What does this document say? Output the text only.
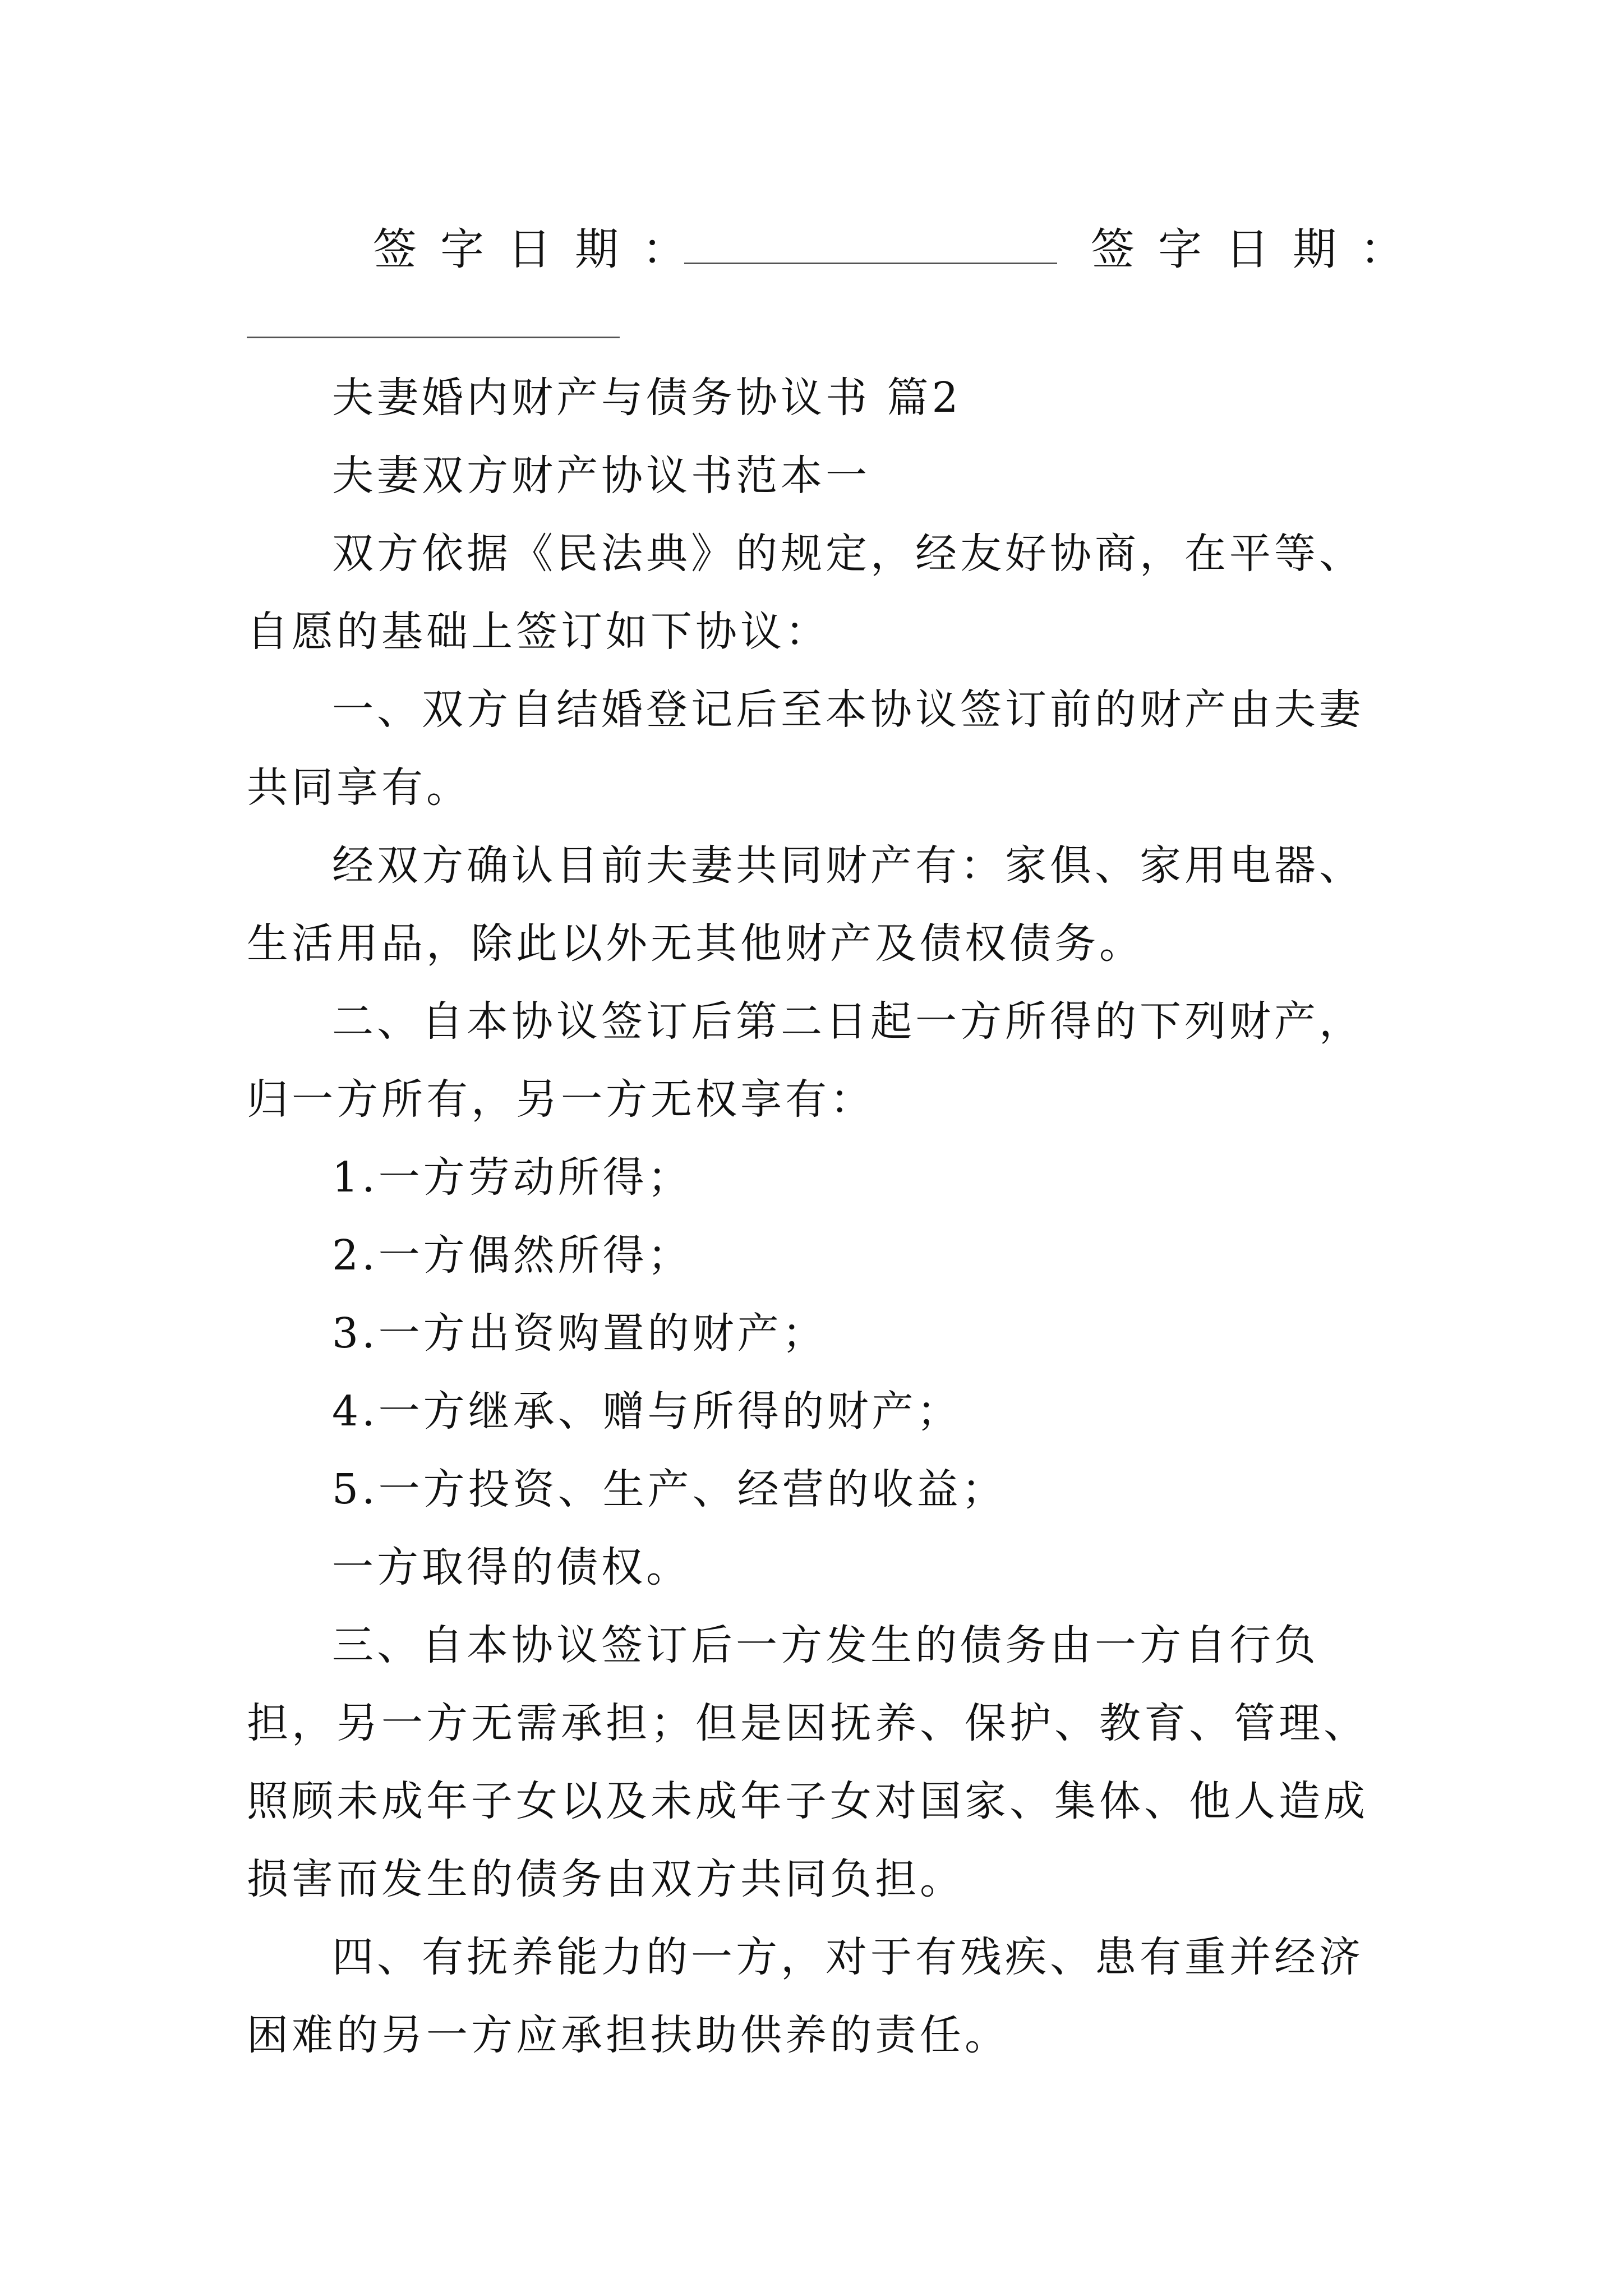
签字日期：	签字日期：

夫妻婚内财产与债务协议书 篇2

夫妻双方财产协议书范本一

双方依据《民法典》的规定，经友好协商，在平等、自愿的基础上签订如下协议：

一、双方自结婚登记后至本协议签订前的财产由夫妻共同享有。

经双方确认目前夫妻共同财产有：家俱、家用电器、生活用品，除此以外无其他财产及债权债务。

二、自本协议签订后第二日起一方所得的下列财产，归一方所有，另一方无权享有：

1.一方劳动所得；

2.一方偶然所得；

3.一方出资购置的财产；

4.一方继承、赠与所得的财产；

5.一方投资、生产、经营的收益；

一方取得的债权。

三、自本协议签订后一方发生的债务由一方自行负担，另一方无需承担；但是因抚养、保护、教育、管理、照顾未成年子女以及未成年子女对国家、集体、他人造成损害而发生的债务由双方共同负担。

四、有抚养能力的一方，对于有残疾、患有重并经济困难的另一方应承担扶助供养的责任。
